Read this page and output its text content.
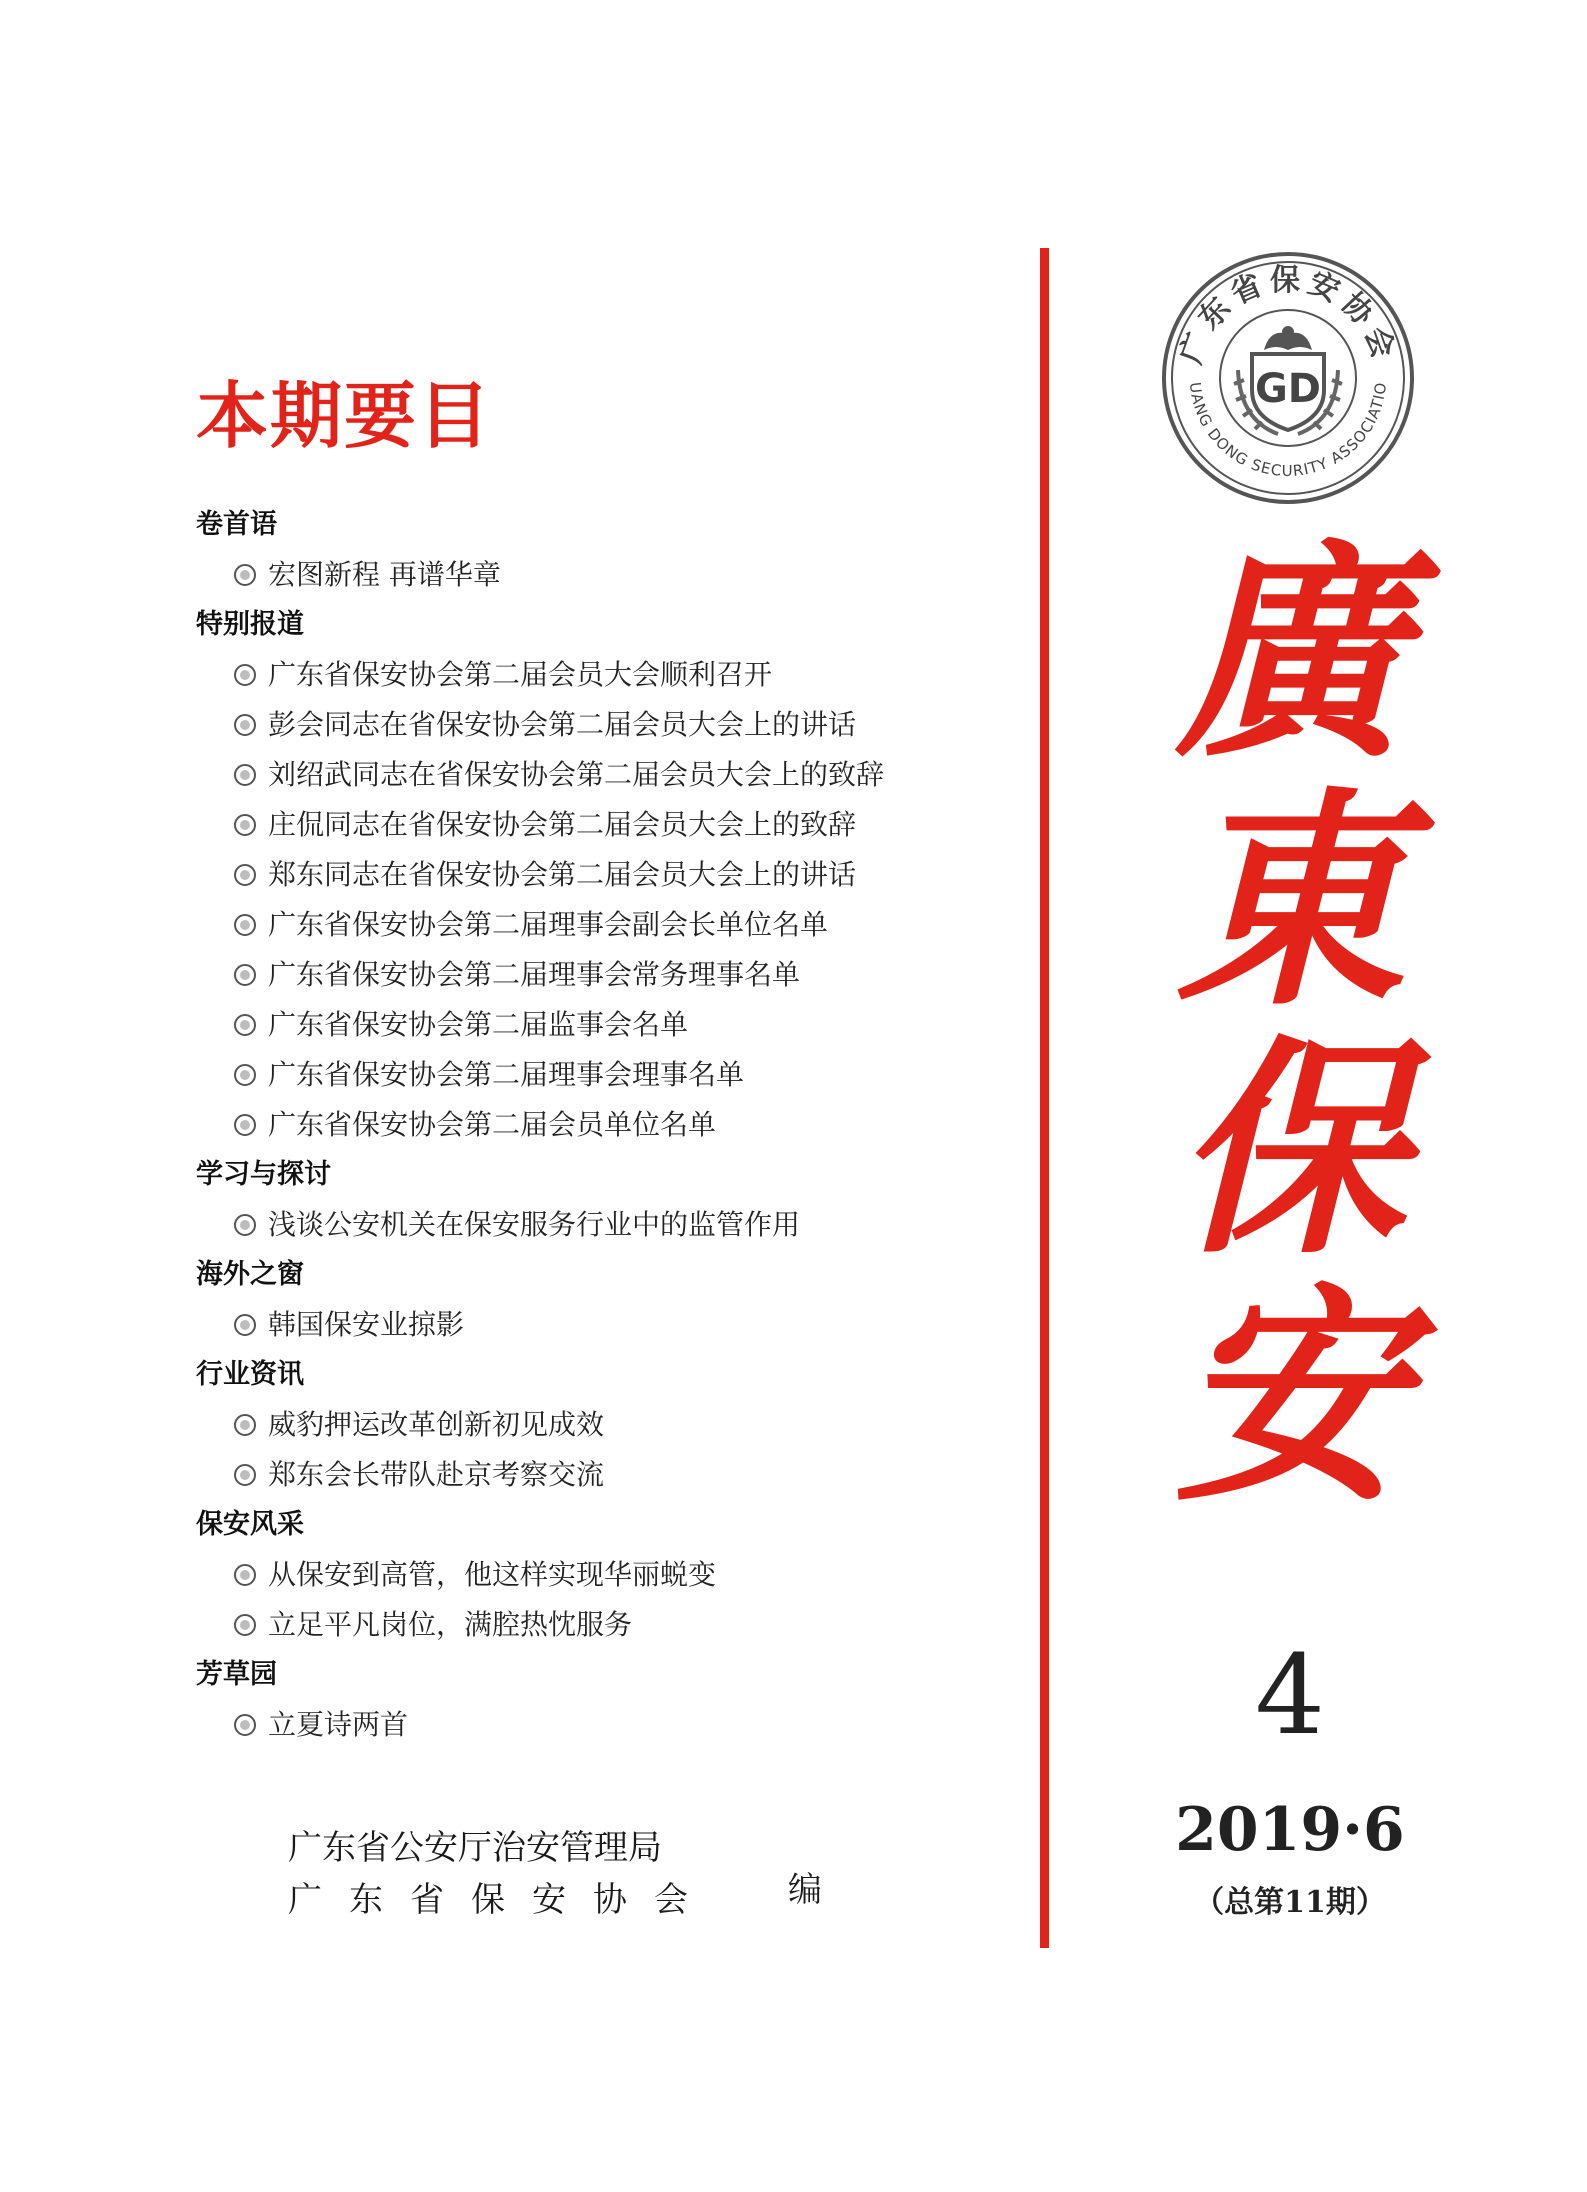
本期要目
卷首语
宏图新程 再谱华章
特别报道
广东省保安协会第二届会员大会顺利召开
彭会同志在省保安协会第二届会员大会上的讲话
刘绍武同志在省保安协会第二届会员大会上的致辞
庄侃同志在省保安协会第二届会员大会上的致辞
郑东同志在省保安协会第二届会员大会上的讲话
广东省保安协会第二届理事会副会长单位名单
广东省保安协会第二届理事会常务理事名单
广东省保安协会第二届监事会名单
广东省保安协会第二届理事会理事名单
广东省保安协会第二届会员单位名单
学习与探讨
浅谈公安机关在保安服务行业中的监管作用
海外之窗
韩国保安业掠影
行业资讯
威豹押运改革创新初见成效
郑东会长带队赴京考察交流
保安风采
从保安到高管，他这样实现华丽蜕变
立足平凡岗位，满腔热忱服务
芳草园
立夏诗两首
广东省公安厅治安管理局
广东省保安协会 编
广东省保安协会
UANG DONG SECURITY ASSOCIATIO
GD
廣
東
保
安
4
2019·6
（总第11期）
